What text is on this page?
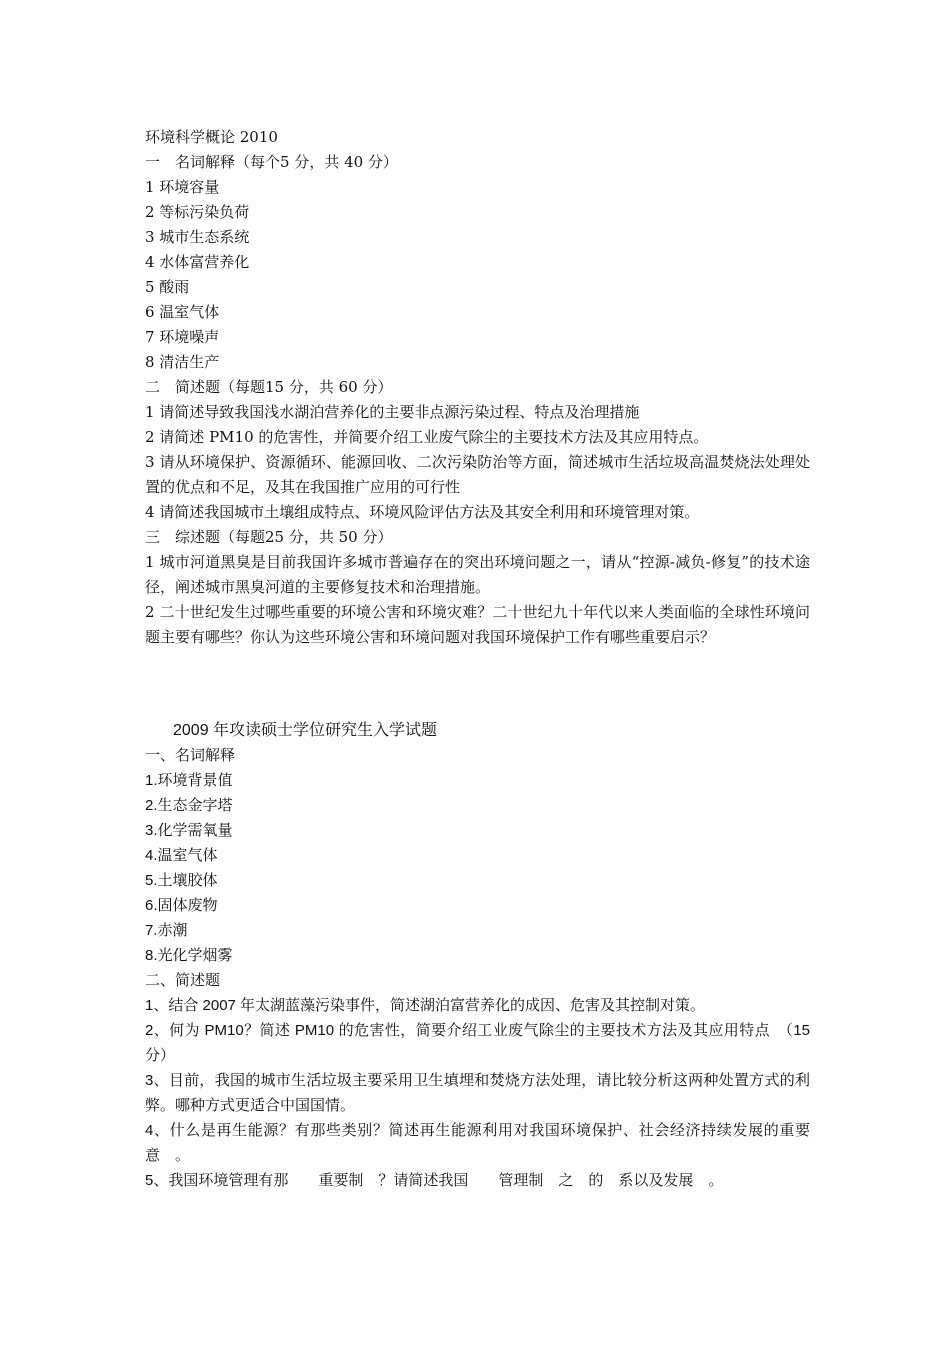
环境科学概论 2010
一　名词解释（每个5 分，共 40 分）
1 环境容量
2 等标污染负荷
3 城市生态系统
4 水体富营养化
5 酸雨
6 温室气体
7 环境噪声
8 清洁生产
二　简述题（每题15 分，共 60 分）
1 请简述导致我国浅水湖泊营养化的主要非点源污染过程、特点及治理措施
2 请简述 PM10 的危害性，并简要介绍工业废气除尘的主要技术方法及其应用特点。
3 请从环境保护、资源循环、能源回收、二次污染防治等方面，简述城市生活垃圾高温焚烧法处理处置的优点和不足，及其在我国推广应用的可行性
4 请简述我国城市土壤组成特点、环境风险评估方法及其安全利用和环境管理对策。
三　综述题（每题25 分，共 50 分）
1 城市河道黑臭是目前我国许多城市普遍存在的突出环境问题之一，请从“控源-减负-修复”的技术途径，阐述城市黑臭河道的主要修复技术和治理措施。
2 二十世纪发生过哪些重要的环境公害和环境灾难？二十世纪九十年代以来人类面临的全球性环境问题主要有哪些？你认为这些环境公害和环境问题对我国环境保护工作有哪些重要启示？
2009 年攻读硕士学位研究生入学试题
一、名词解释
1.环境背景值
2.生态金字塔
3.化学需氧量
4.温室气体
5.土壤胶体
6.固体废物
7.赤潮
8.光化学烟雾
二、简述题
1、结合 2007 年太湖蓝藻污染事件，简述湖泊富营养化的成因、危害及其控制对策。
2、何为 PM10？简述 PM10 的危害性，简要介绍工业废气除尘的主要技术方法及其应用特点　（15 分）
3、目前，我国的城市生活垃圾主要采用卫生填埋和焚烧方法处理，请比较分析这两种处置方式的利弊。哪种方式更适合中国国情。
4、什么是再生能源？有那些类别？简述再生能源利用对我国环境保护、社会经济持续发展的重要意　。
5、我国环境管理有那　　重要制　？请简述我国　　管理制　之　的　系以及发展　。
